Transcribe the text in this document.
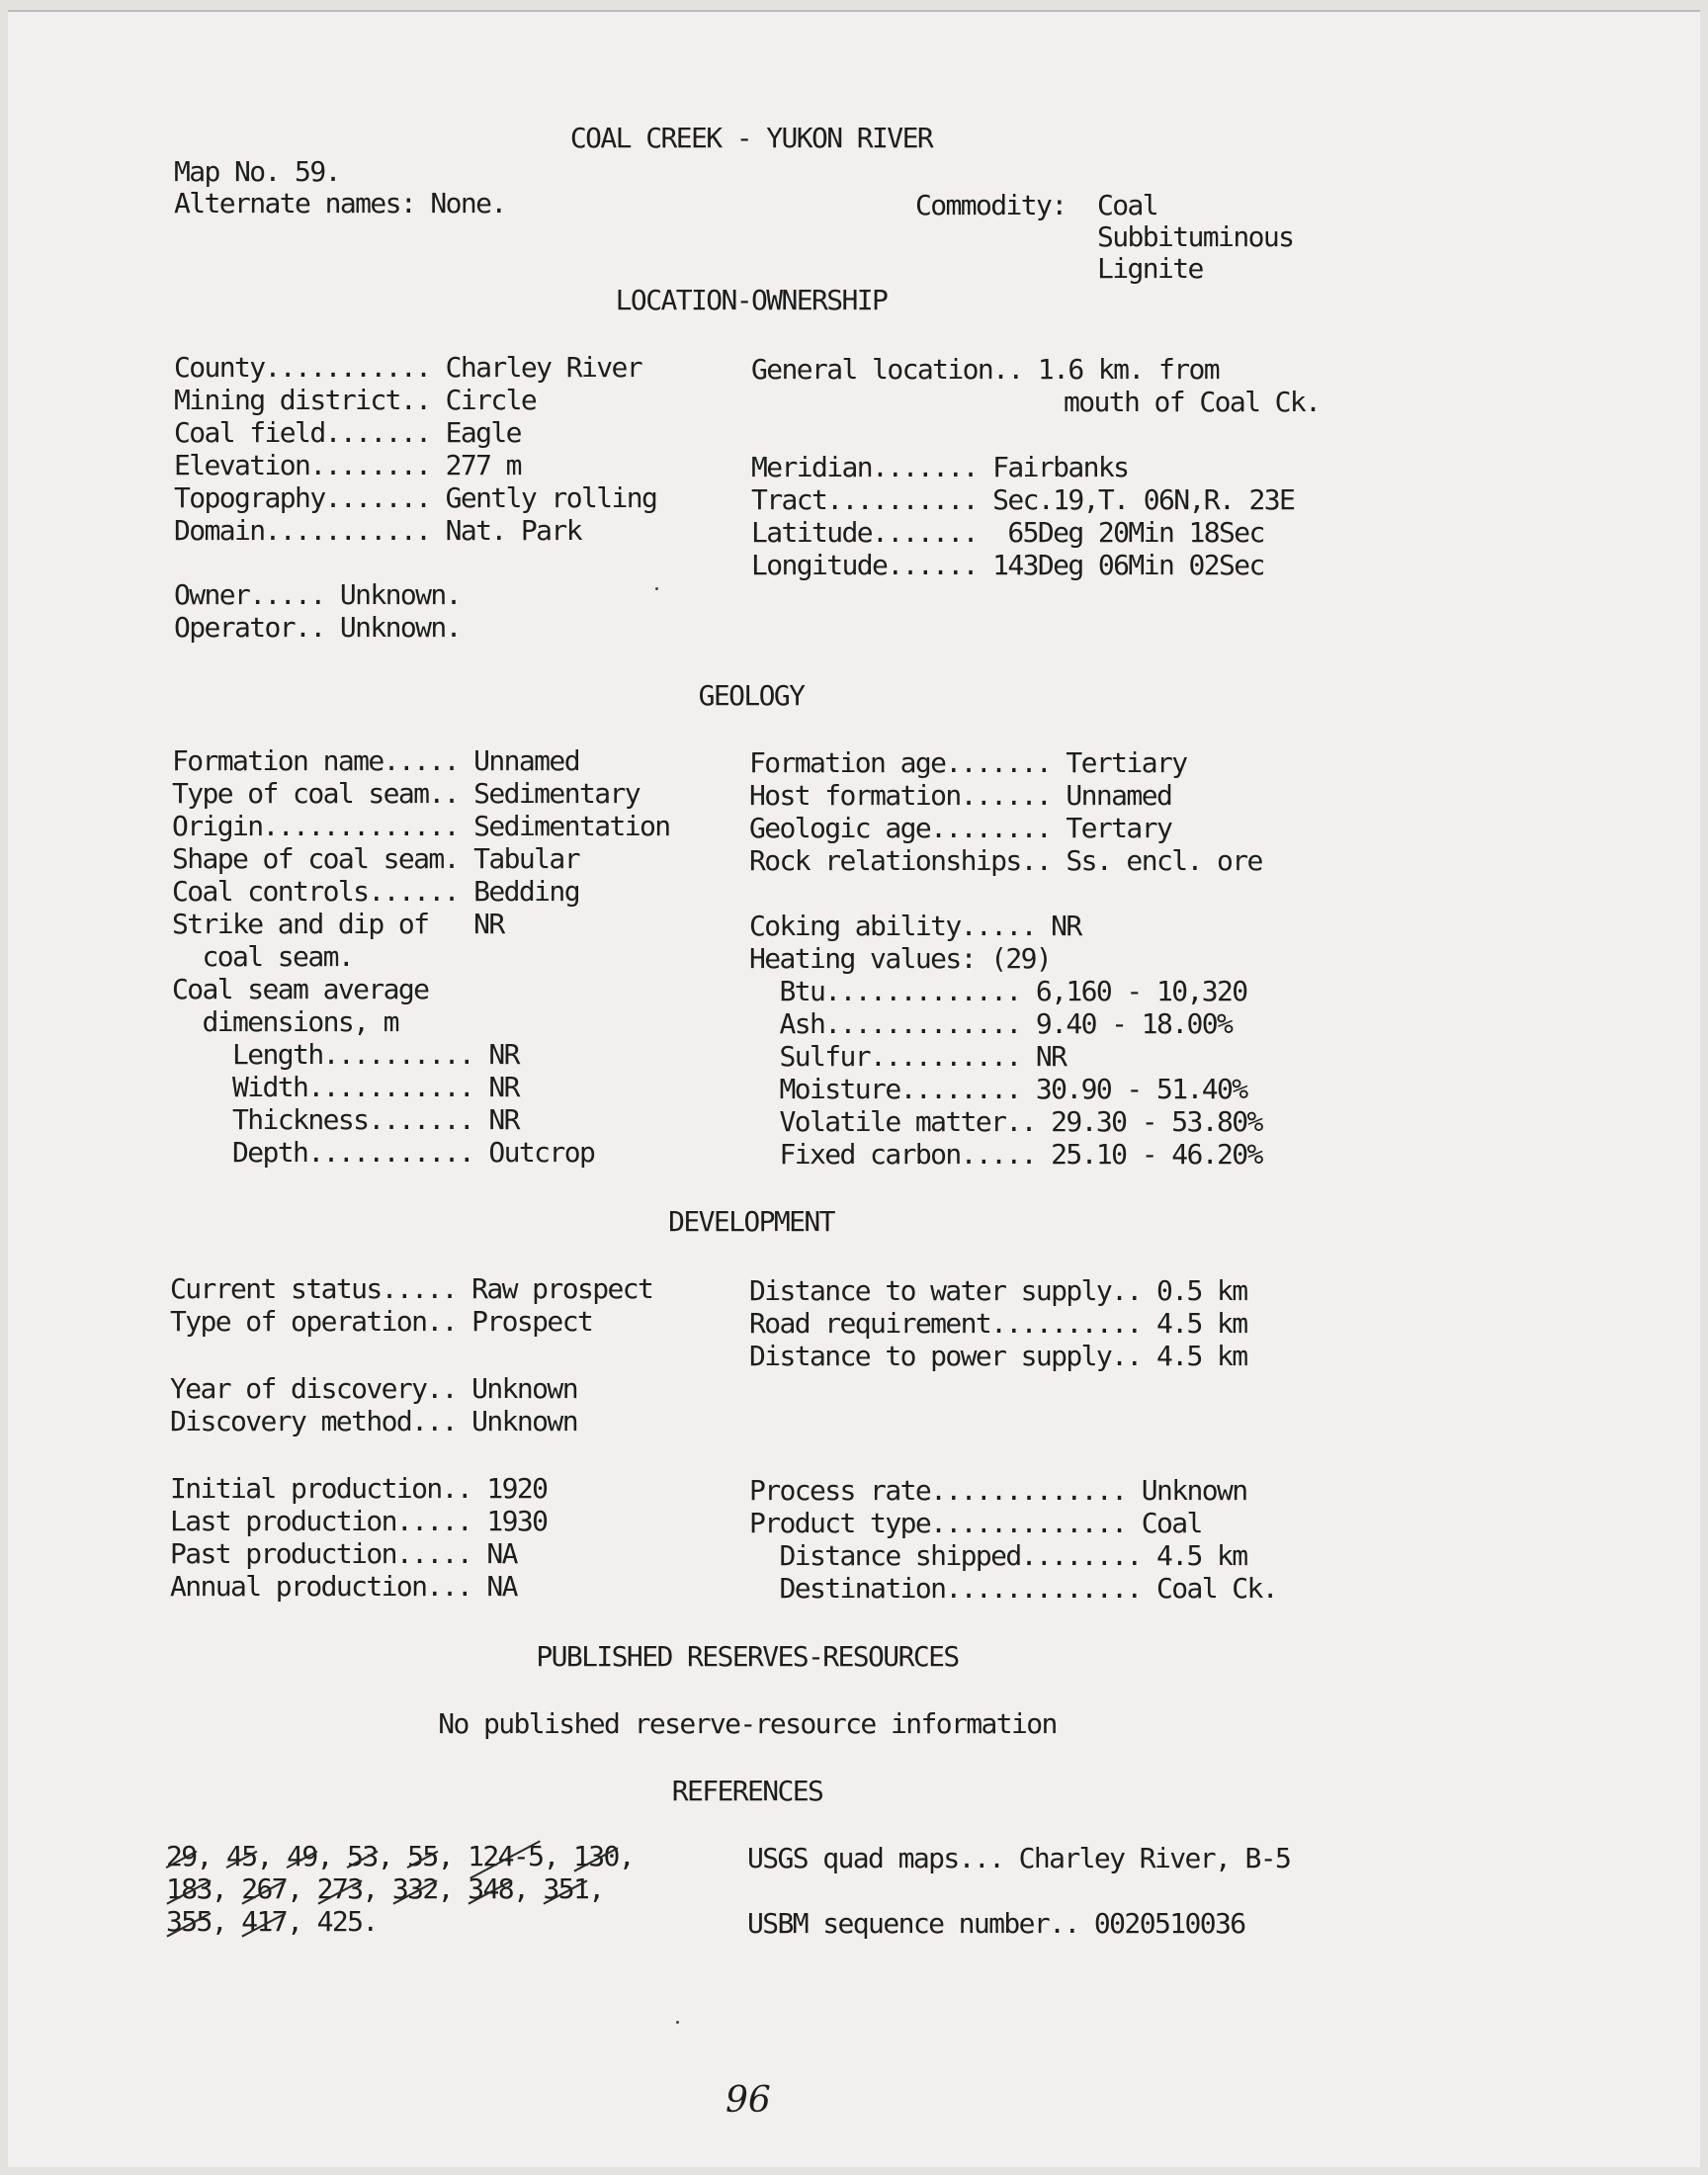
COAL CREEK - YUKON RIVER
Map No. 59.
Alternate names: None.	Commodity: Coal
Subbituminous
Lignite
LOCATION-OWNERSHIP
County........... Charley River
Mining district.. Circle
Coal field....... Eagle
Elevation........ 277 m
Topography....... Gently rolling
Domain........... Nat. Park
General location.. 1.6 km. from
mouth of Coal Ck.
Meridian....... Fairbanks
Tract.......... Sec.19,T. 06N,R. 23E
Latitude.......  65Deg 20Min 18Sec
Longitude...... 143Deg 06Min 02Sec
Owner..... Unknown.
Operator.. Unknown.
GEOLOGY
Formation name..... Unnamed
Type of coal seam.. Sedimentary
Origin............. Sedimentation
Shape of coal seam. Tabular
Coal controls...... Bedding
Strike and dip of   NR
coal seam.
Coal seam average
dimensions, m
Length.......... NR
Width........... NR
Thickness....... NR
Depth........... Outcrop
Formation age....... Tertiary
Host formation...... Unnamed
Geologic age........ Tertary
Rock relationships.. Ss. encl. ore
Coking ability..... NR
Heating values: (29)
Btu............. 6,160 - 10,320
Ash............. 9.40 - 18.00%
Sulfur.......... NR
Moisture........ 30.90 - 51.40%
Volatile matter.. 29.30 - 53.80%
Fixed carbon..... 25.10 - 46.20%
DEVELOPMENT
Current status..... Raw prospect
Type of operation.. Prospect
Year of discovery.. Unknown
Discovery method... Unknown
Initial production.. 1920
Last production..... 1930
Past production..... NA
Annual production... NA
Distance to water supply.. 0.5 km
Road requirement.......... 4.5 km
Distance to power supply.. 4.5 km
Process rate............. Unknown
Product type............. Coal
Distance shipped........ 4.5 km
Destination............. Coal Ck.
PUBLISHED RESERVES-RESOURCES
No published reserve-resource information
REFERENCES
29, 45, 49, 53, 55, 124-5, 130,
183, 267, 273, 332, 348, 351,
355, 417, 425.
USGS quad maps... Charley River, B-5
USBM sequence number.. 0020510036
96
